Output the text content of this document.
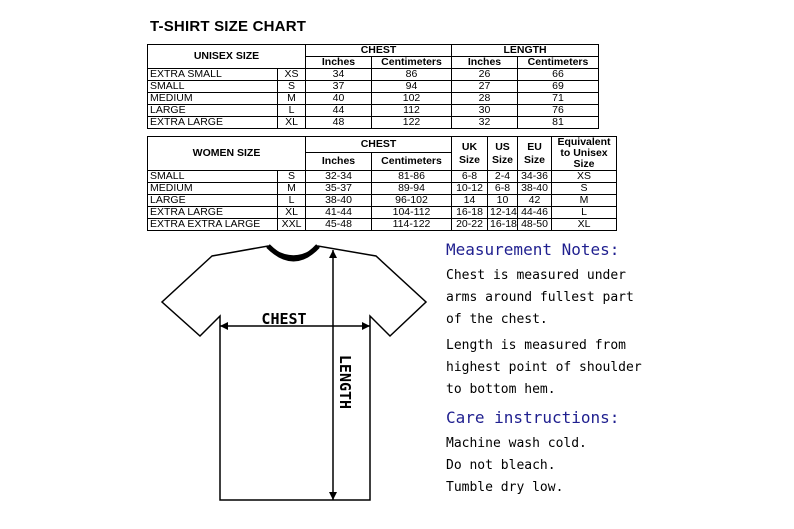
T-SHIRT SIZE CHART
UNISEX SIZE		CHEST		LENGTH	
		Inches	Centimeters	Inches	Centimeters
EXTRA SMALL	XS	34	86	26	66
SMALL	S	37	94	27	69
MEDIUM	M	40	102	28	71
LARGE	L	44	112	30	76
EXTRA LARGE	XL	48	122	32	81
WOMEN SIZE		CHEST		UK Size	US Size	EU Size	Equivalent to Unisex Size
		Inches	Centimeters				
SMALL	S	32-34	81-86	6-8	2-4	34-36	XS
MEDIUM	M	35-37	89-94	10-12	6-8	38-40	S
LARGE	L	38-40	96-102	14	10	42	M
EXTRA LARGE	XL	41-44	104-112	16-18	12-14	44-46	L
EXTRA EXTRA LARGE	XXL	45-48	114-122	20-22	16-18	48-50	XL
CHEST
LENGTH
Measurement Notes:
Chest is measured under
arms around fullest part
of the chest.
Length is measured from
highest point of shoulder
to bottom hem.
Care instructions:
Machine wash cold.
Do not bleach.
Tumble dry low.
